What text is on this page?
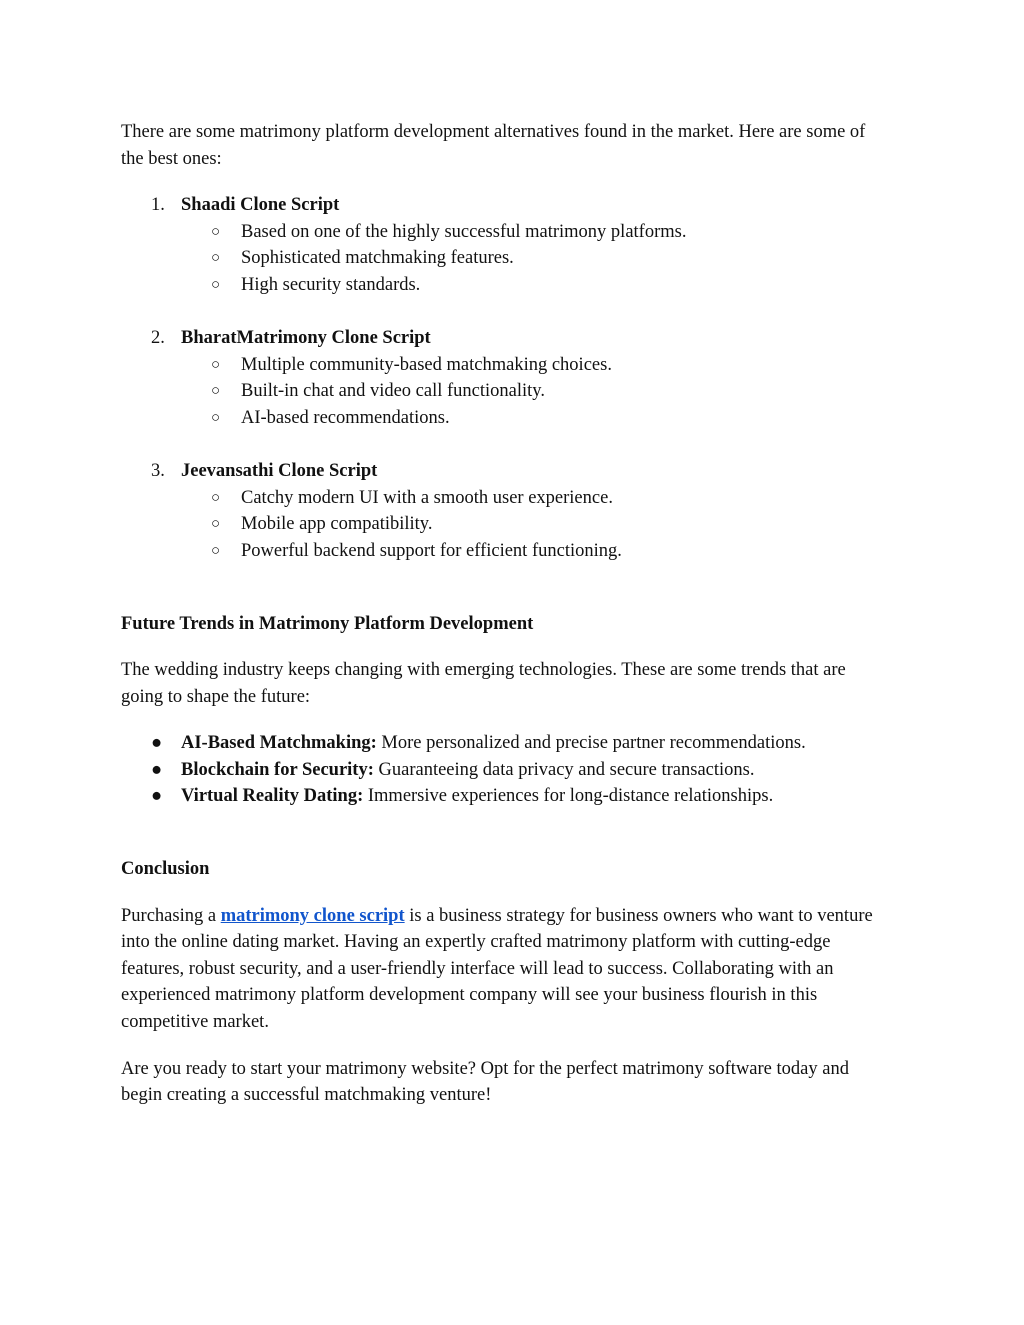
There are some matrimony platform development alternatives found in the market. Here are some of the best ones:

1. Shaadi Clone Script
○ Based on one of the highly successful matrimony platforms.
○ Sophisticated matchmaking features.
○ High security standards.
2. BharatMatrimony Clone Script
○ Multiple community-based matchmaking choices.
○ Built-in chat and video call functionality.
○ AI-based recommendations.
3. Jeevansathi Clone Script
○ Catchy modern UI with a smooth user experience.
○ Mobile app compatibility.
○ Powerful backend support for efficient functioning.
Future Trends in Matrimony Platform Development

The wedding industry keeps changing with emerging technologies. These are some trends that are going to shape the future:

● AI-Based Matchmaking: More personalized and precise partner recommendations.
● Blockchain for Security: Guaranteeing data privacy and secure transactions.
● Virtual Reality Dating: Immersive experiences for long-distance relationships.
Conclusion

Purchasing a matrimony clone script is a business strategy for business owners who want to venture into the online dating market. Having an expertly crafted matrimony platform with cutting-edge features, robust security, and a user-friendly interface will lead to success. Collaborating with an experienced matrimony platform development company will see your business flourish in this competitive market.

Are you ready to start your matrimony website? Opt for the perfect matrimony software today and begin creating a successful matchmaking venture!
